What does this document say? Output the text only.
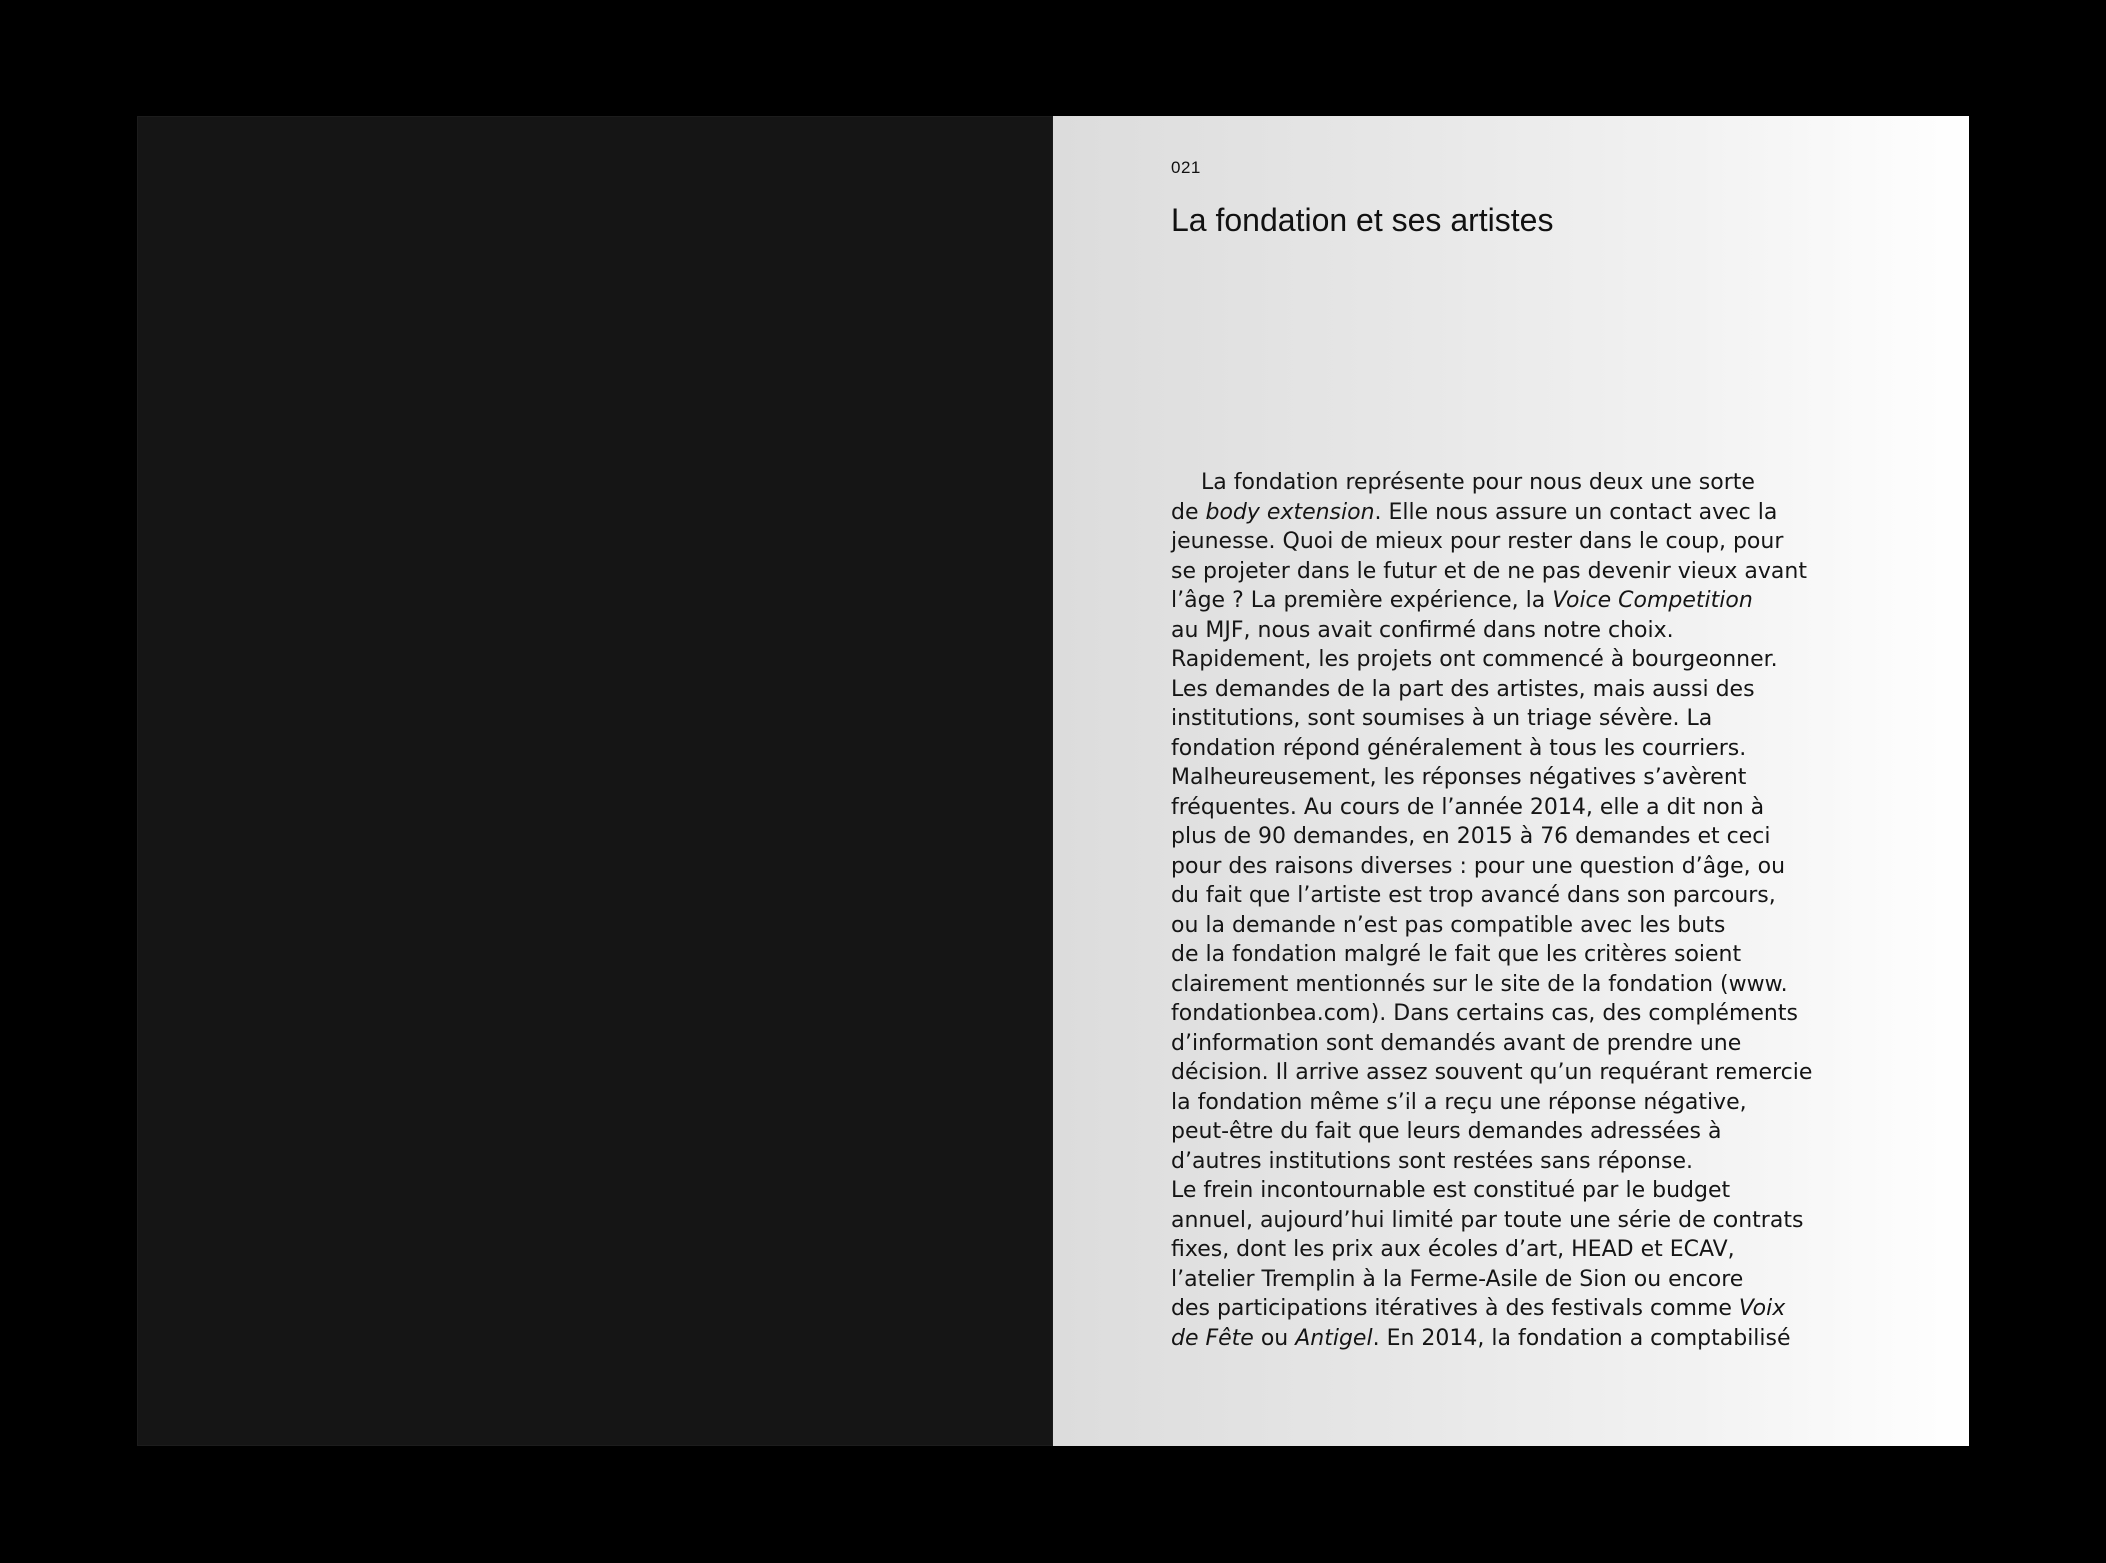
021
La fondation et ses artistes
La fondation représente pour nous deux une sorte
de body extension. Elle nous assure un contact avec la
jeunesse. Quoi de mieux pour rester dans le coup, pour
se projeter dans le futur et de ne pas devenir vieux avant
l’âge ? La première expérience, la Voice Competition
au MJF, nous avait confirmé dans notre choix.
Rapidement, les projets ont commencé à bourgeonner.
Les demandes de la part des artistes, mais aussi des
institutions, sont soumises à un triage sévère. La
fondation répond généralement à tous les courriers.
Malheureusement, les réponses négatives s’avèrent
fréquentes. Au cours de l’année 2014, elle a dit non à
plus de 90 demandes, en 2015 à 76 demandes et ceci
pour des raisons diverses : pour une question d’âge, ou
du fait que l’artiste est trop avancé dans son parcours,
ou la demande n’est pas compatible avec les buts
de la fondation malgré le fait que les critères soient
clairement mentionnés sur le site de la fondation (www.
fondationbea.com). Dans certains cas, des compléments
d’information sont demandés avant de prendre une
décision. Il arrive assez souvent qu’un requérant remercie
la fondation même s’il a reçu une réponse négative,
peut-être du fait que leurs demandes adressées à
d’autres institutions sont restées sans réponse.
Le frein incontournable est constitué par le budget
annuel, aujourd’hui limité par toute une série de contrats
fixes, dont les prix aux écoles d’art, HEAD et ECAV,
l’atelier Tremplin à la Ferme-Asile de Sion ou encore
des participations itératives à des festivals comme Voix
de Fête ou Antigel. En 2014, la fondation a comptabilisé
